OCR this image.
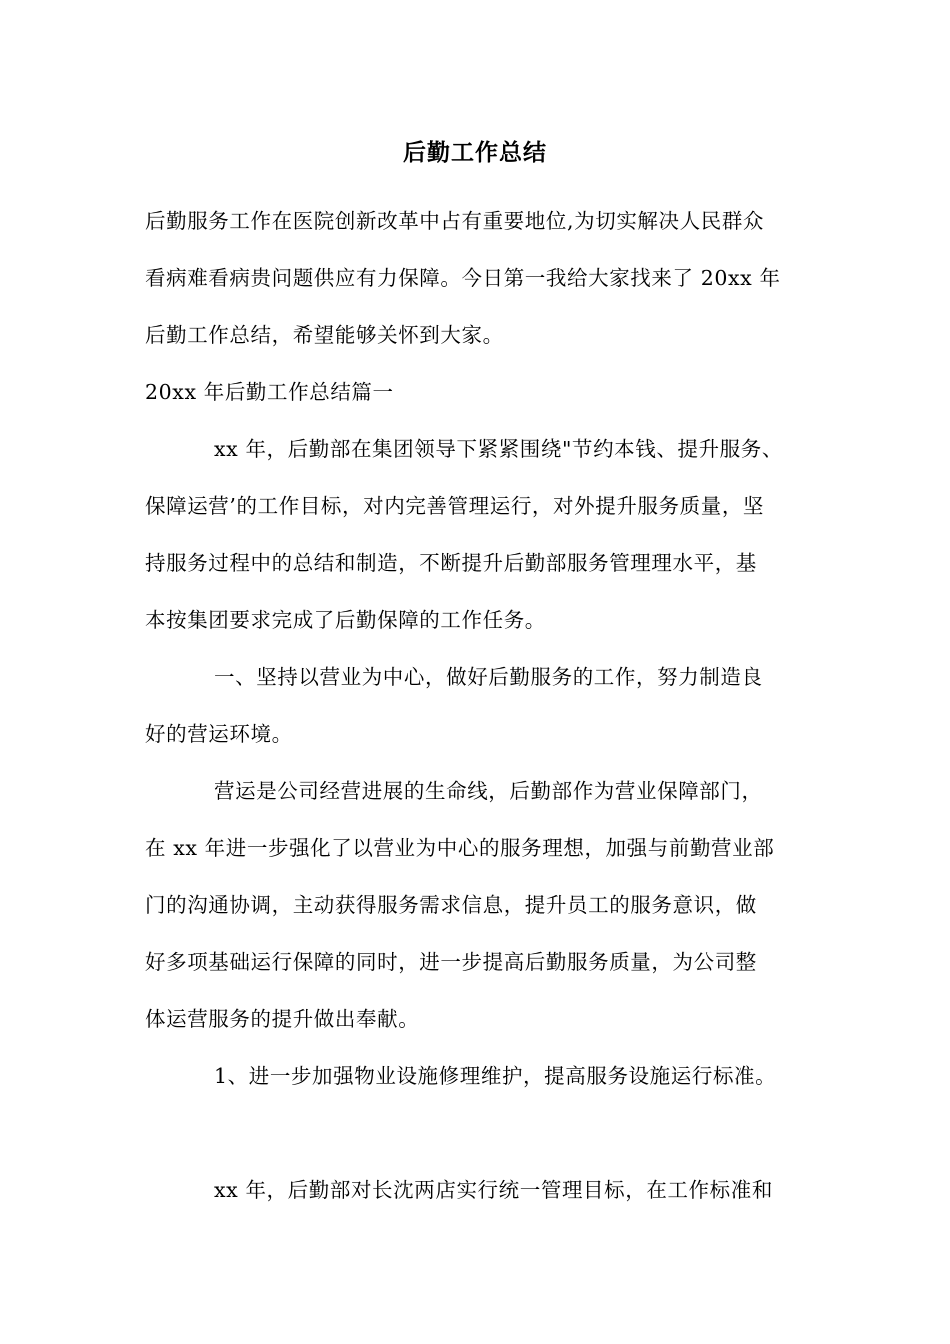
后勤工作总结
后勤服务工作在医院创新改革中占有重要地位,为切实解决人民群众
看病难看病贵问题供应有力保障。今日第一我给大家找来了 20xx 年
后勤工作总结，希望能够关怀到大家。
20xx 年后勤工作总结篇一
xx 年，后勤部在集团领导下紧紧围绕"节约本钱、提升服务、
保障运营’的工作目标，对内完善管理运行，对外提升服务质量，坚
持服务过程中的总结和制造，不断提升后勤部服务管理理水平，基
本按集团要求完成了后勤保障的工作任务。
一、坚持以营业为中心，做好后勤服务的工作，努力制造良
好的营运环境。
营运是公司经营进展的生命线，后勤部作为营业保障部门，
在 xx 年进一步强化了以营业为中心的服务理想，加强与前勤营业部
门的沟通协调，主动获得服务需求信息，提升员工的服务意识，做
好多项基础运行保障的同时，进一步提高后勤服务质量，为公司整
体运营服务的提升做出奉献。
1、进一步加强物业设施修理维护，提高服务设施运行标准。
xx 年，后勤部对长沈两店实行统一管理目标，在工作标准和
